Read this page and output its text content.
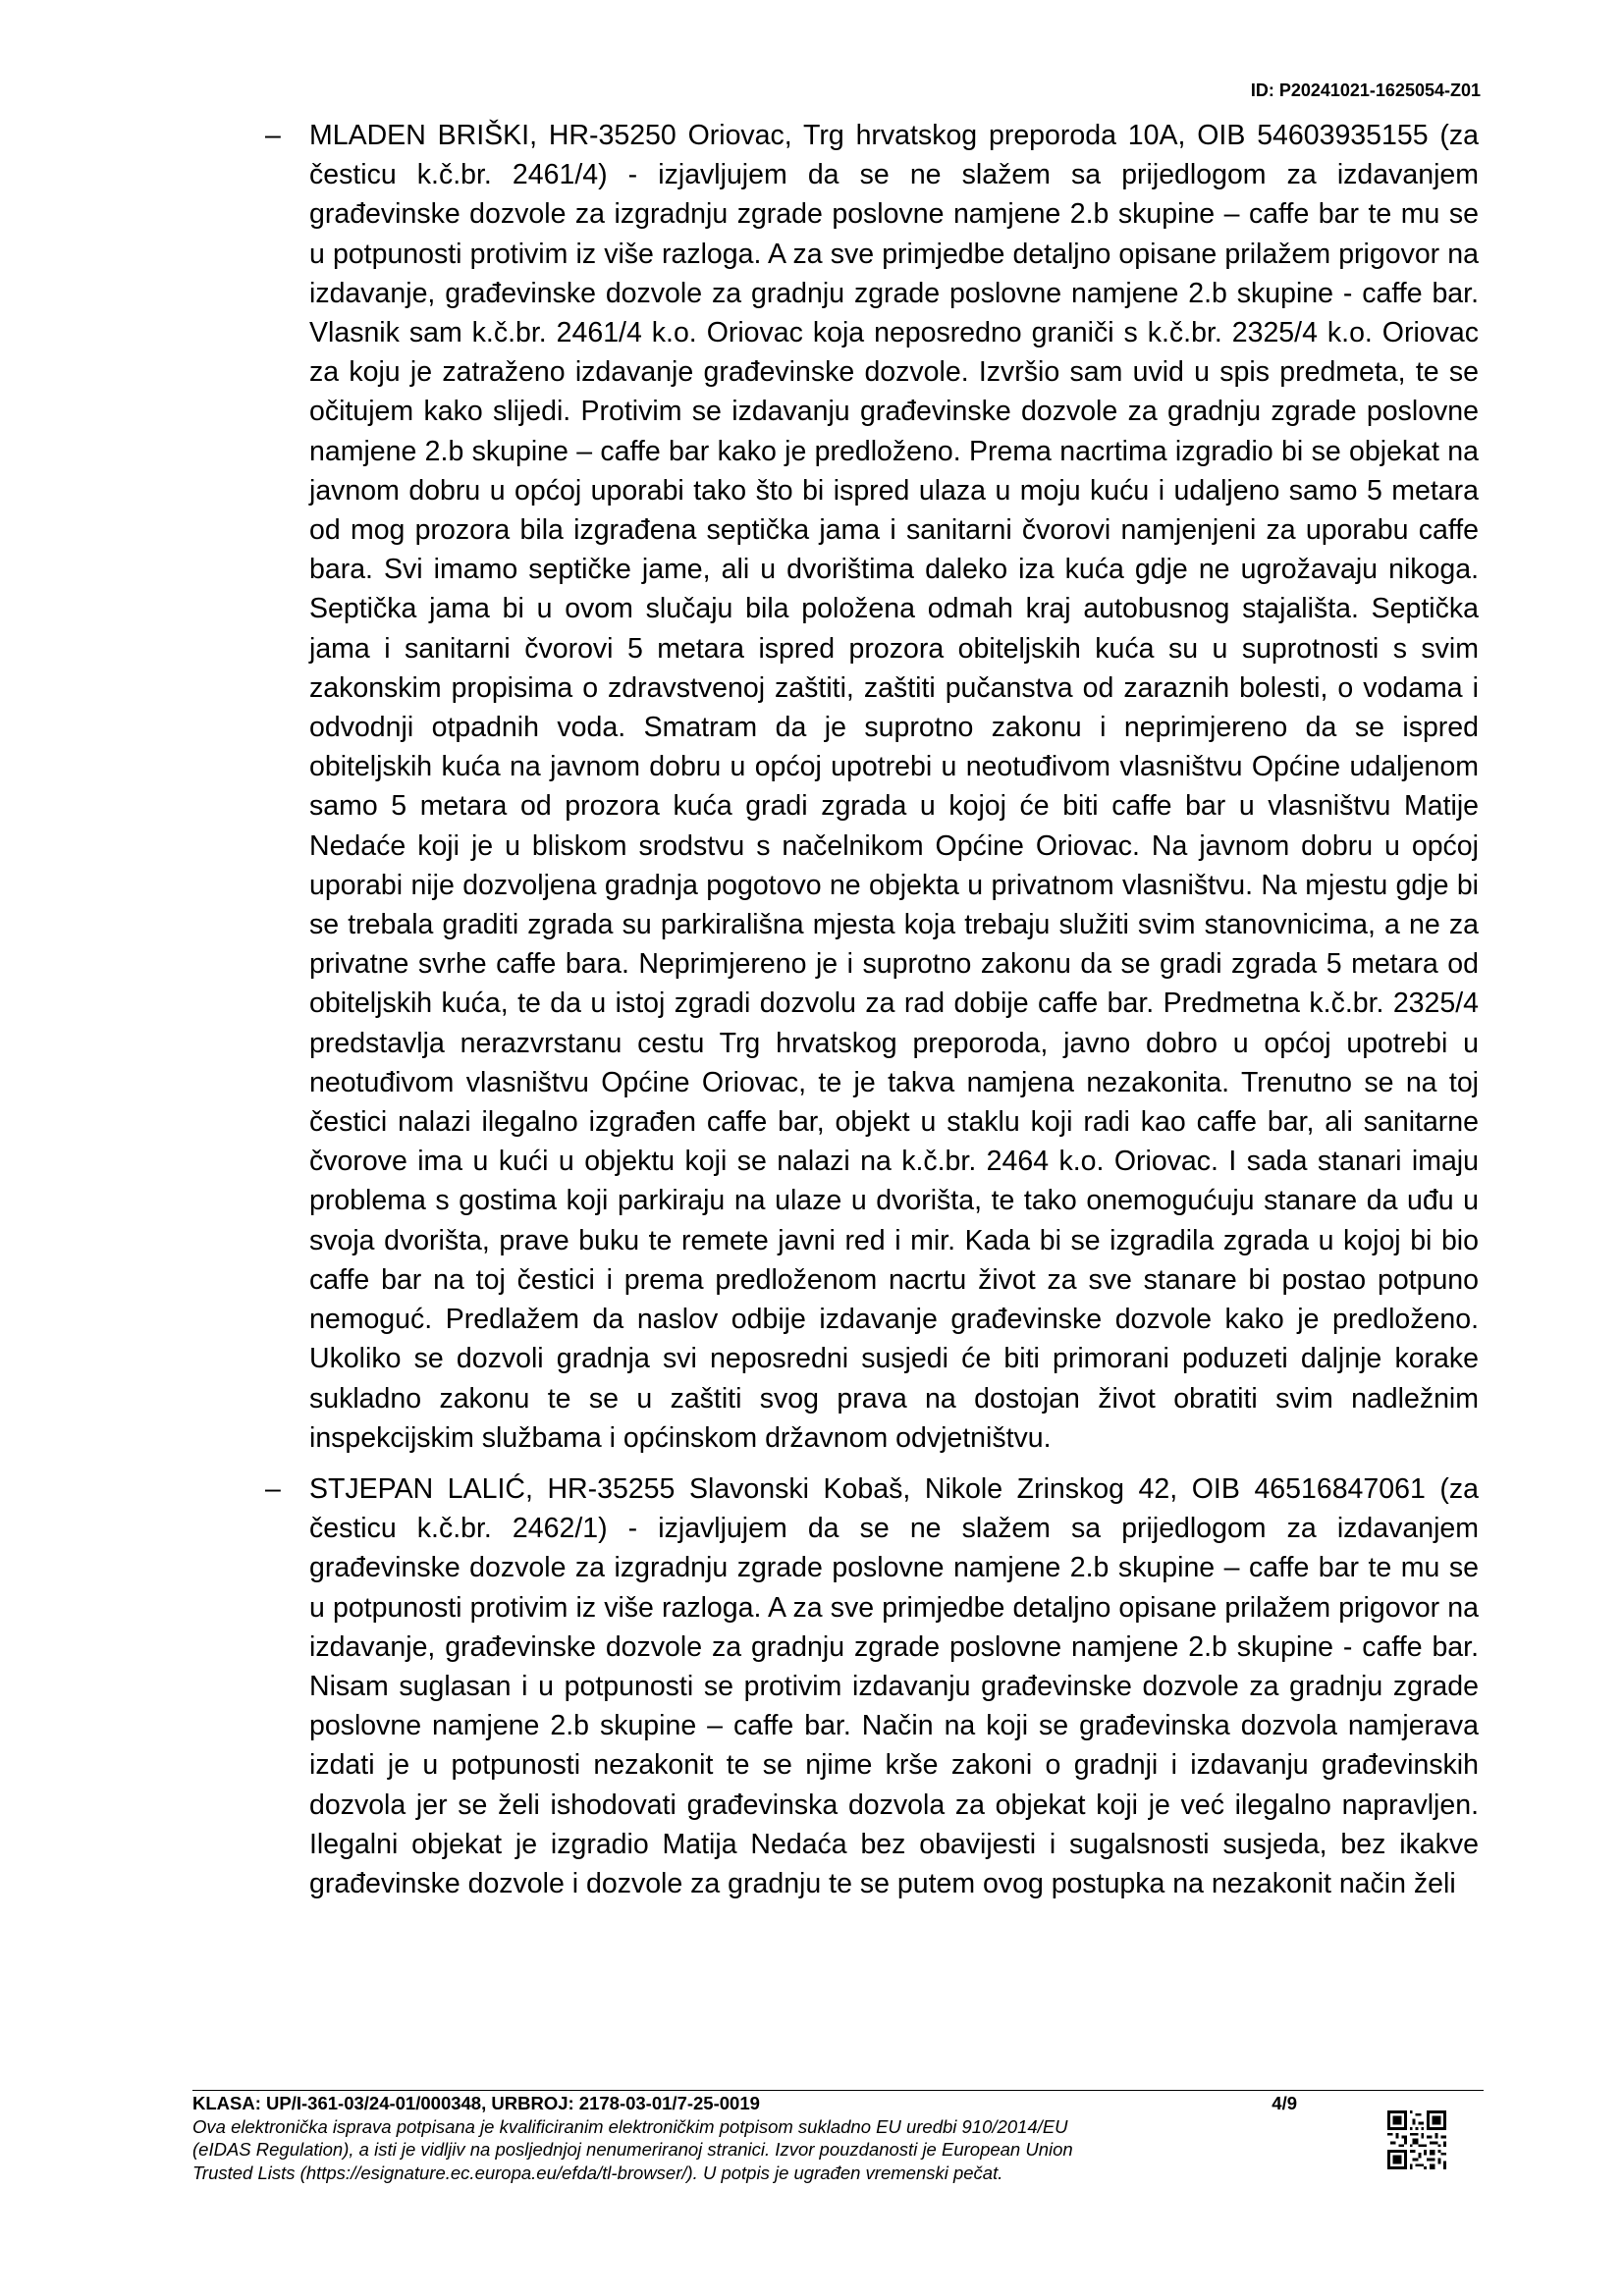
ID: P20241021-1625054-Z01
– MLADEN BRIŠKI, HR-35250 Oriovac, Trg hrvatskog preporoda 10A, OIB 54603935155 (za česticu k.č.br. 2461/4) - izjavljujem da se ne slažem sa prijedlogom za izdavanjem građevinske dozvole za izgradnju zgrade poslovne namjene 2.b skupine – caffe bar te mu se u potpunosti protivim iz više razloga. A za sve primjedbe detaljno opisane prilažem prigovor na izdavanje, građevinske dozvole za gradnju zgrade poslovne namjene 2.b skupine - caffe bar. Vlasnik sam k.č.br. 2461/4 k.o. Oriovac koja neposredno graniči s k.č.br. 2325/4 k.o. Oriovac za koju je zatraženo izdavanje građevinske dozvole. Izvršio sam uvid u spis predmeta, te se očitujem kako slijedi. Protivim se izdavanju građevinske dozvole za gradnju zgrade poslovne namjene 2.b skupine – caffe bar kako je predloženo. Prema nacrtima izgradio bi se objekat na javnom dobru u općoj uporabi tako što bi ispred ulaza u moju kuću i udaljeno samo 5 metara od mog prozora bila izgrađena septička jama i sanitarni čvorovi namjenjeni za uporabu caffe bara. Svi imamo septičke jame, ali u dvorištima daleko iza kuća gdje ne ugrožavaju nikoga. Septička jama bi u ovom slučaju bila položena odmah kraj autobusnog stajališta. Septička jama i sanitarni čvorovi 5 metara ispred prozora obiteljskih kuća su u suprotnosti s svim zakonskim propisima o zdravstvenoj zaštiti, zaštiti pučanstva od zaraznih bolesti, o vodama i odvodnji otpadnih voda. Smatram da je suprotno zakonu i neprimjereno da se ispred obiteljskih kuća na javnom dobru u općoj upotrebi u neotuđivom vlasništvu Općine udaljenom samo 5 metara od prozora kuća gradi zgrada u kojoj će biti caffe bar u vlasništvu Matije Nedaće koji je u bliskom srodstvu s načelnikom Općine Oriovac. Na javnom dobru u općoj uporabi nije dozvoljena gradnja pogotovo ne objekta u privatnom vlasništvu. Na mjestu gdje bi se trebala graditi zgrada su parkirališna mjesta koja trebaju služiti svim stanovnicima, a ne za privatne svrhe caffe bara. Neprimjereno je i suprotno zakonu da se gradi zgrada 5 metara od obiteljskih kuća, te da u istoj zgradi dozvolu za rad dobije caffe bar. Predmetna k.č.br. 2325/4 predstavlja nerazvrstanu cestu Trg hrvatskog preporoda, javno dobro u općoj upotrebi u neotuđivom vlasništvu Općine Oriovac, te je takva namjena nezakonita. Trenutno se na toj čestici nalazi ilegalno izgrađen caffe bar, objekt u staklu koji radi kao caffe bar, ali sanitarne čvorove ima u kući u objektu koji se nalazi na k.č.br. 2464 k.o. Oriovac. I sada stanari imaju problema s gostima koji parkiraju na ulaze u dvorišta, te tako onemogućuju stanare da uđu u svoja dvorišta, prave buku te remete javni red i mir. Kada bi se izgradila zgrada u kojoj bi bio caffe bar na toj čestici i prema predloženom nacrtu život za sve stanare bi postao potpuno nemoguć. Predlažem da naslov odbije izdavanje građevinske dozvole kako je predloženo. Ukoliko se dozvoli gradnja svi neposredni susjedi će biti primorani poduzeti daljnje korake sukladno zakonu te se u zaštiti svog prava na dostojan život obratiti svim nadležnim inspekcijskim službama i općinskom državnom odvjetništvu.
– STJEPAN LALIĆ, HR-35255 Slavonski Kobaš, Nikole Zrinskog 42, OIB 46516847061 (za česticu k.č.br. 2462/1) - izjavljujem da se ne slažem sa prijedlogom za izdavanjem građevinske dozvole za izgradnju zgrade poslovne namjene 2.b skupine – caffe bar te mu se u potpunosti protivim iz više razloga. A za sve primjedbe detaljno opisane prilažem prigovor na izdavanje, građevinske dozvole za gradnju zgrade poslovne namjene 2.b skupine - caffe bar. Nisam suglasan i u potpunosti se protivim izdavanju građevinske dozvole za gradnju zgrade poslovne namjene 2.b skupine – caffe bar. Način na koji se građevinska dozvola namjerava izdati je u potpunosti nezakonit te se njime krše zakoni o gradnji i izdavanju građevinskih dozvola jer se želi ishodovati građevinska dozvola za objekat koji je već ilegalno napravljen. Ilegalni objekat je izgradio Matija Nedaća bez obavijesti i sugalsnosti susjeda, bez ikakve građevinske dozvole i dozvole za gradnju te se putem ovog postupka na nezakonit način želi
KLASA: UP/I-361-03/24-01/000348, URBROJ: 2178-03-01/7-25-0019	4/9
Ova elektronička isprava potpisana je kvalificiranim elektroničkim potpisom sukladno EU uredbi 910/2014/EU
(eIDAS Regulation), a isti je vidljiv na posljednjoj nenumeriranoj stranici. Izvor pouzdanosti je European Union
Trusted Lists (https://esignature.ec.europa.eu/efda/tl-browser/). U potpis je ugrađen vremenski pečat.
